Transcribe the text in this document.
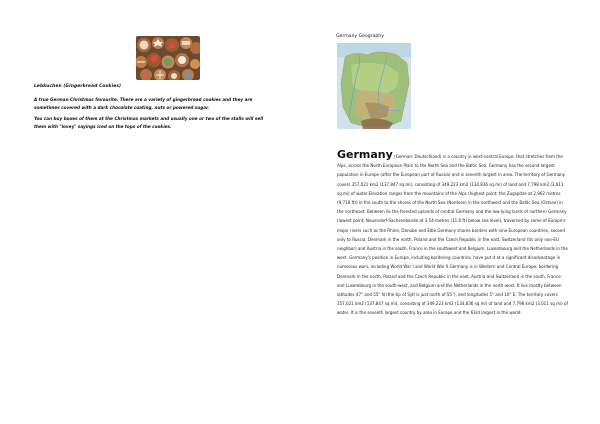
Lebkuchen (Gingerbread Cookies)

A true German Christmas favourite. There are a variety of gingerbread cookies and they are sometimes covered with a dark chocolate coating, nuts or powered sugar.

You can buy boxes of them at the Christmas markets and usually one or two of the stalls will sell them with "lovey" sayings iced on the tops of the cookies.

Germany Geography

Germany (German: Deutschland) is a country in west-central Europe, that stretches from the Alps, across the North European Plain to the North Sea and the Baltic Sea. Germany has the second largest population in Europe (after the European part of Russia) and is seventh largest in area. The territory of Germany covers 357,021 km2 (137,847 sq mi), consisting of 349,223 km2 (134,836 sq mi) of land and 7,798 km2 (3,011 sq mi) of water.Elevation ranges from the mountains of the Alps (highest point: the Zugspitze at 2,962 metres (9,718 ft)) in the south to the shores of the North Sea (Nordsee) in the northwest and the Baltic Sea (Ostsee) in the northeast. Between lie the forested uplands of central Germany and the low-lying lands of northern Germany (lowest point: Neuendorf-Sachsenbande at 3.54 metres (11.6 ft) below sea level), traversed by some of Europe's major rivers such as the Rhine, Danube and Elbe.Germany shares borders with nine European countries, second only to Russia: Denmark in the north, Poland and the Czech Republic in the east, Switzerland (its only non-EU neighbor) and Austria in the south, France in the southwest and Belgium, Luxembourg and the Netherlands in the west. Germany's position in Europe, including bordering countries, have put it at a significant disadvantage in numerous wars, including World War I and World War II.Germany is in Western and Central Europe, bordering Denmark in the north, Poland and the Czech Republic in the east, Austria and Switzerland in the south, France and Luxembourg in the south-west, and Belgium and the Netherlands in the north-west. It lies mostly between latitudes 47° and 55° N (the tip of Sylt is just north of 55°), and longitudes 5° and 16° E. The territory covers 357,021 km2 (137,847 sq mi), consisting of 349,223 km2 (134,836 sq mi) of land and 7,798 km2 (3,011 sq mi) of water. It is the seventh largest country by area in Europe and the 63rd largest in the world.
